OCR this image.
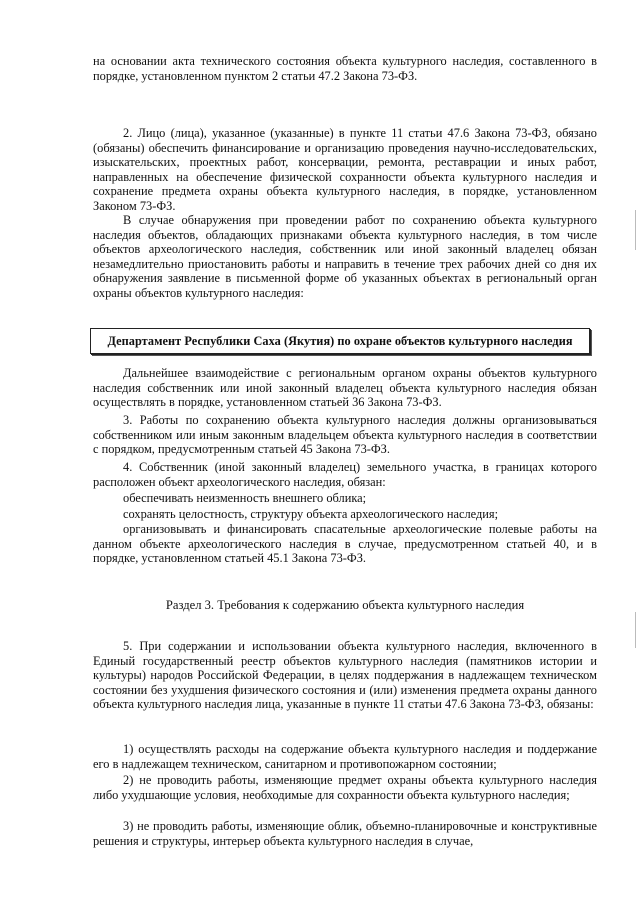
на основании акта технического состояния объекта культурного наследия, составленного в порядке, установленном пунктом 2 статьи 47.2 Закона 73-ФЗ.

2. Лицо (лица), указанное (указанные) в пункте 11 статьи 47.6 Закона 73-ФЗ, обязано (обязаны) обеспечить финансирование и организацию проведения научно-исследовательских, изыскательских, проектных работ, консервации, ремонта, реставрации и иных работ, направленных на обеспечение физической сохранности объекта культурного наследия и сохранение предмета охраны объекта культурного наследия, в порядке, установленном Законом 73-ФЗ.

В случае обнаружения при проведении работ по сохранению объекта культурного наследия объектов, обладающих признаками объекта культурного наследия, в том числе объектов археологического наследия, собственник или иной законный владелец обязан незамедлительно приостановить работы и направить в течение трех рабочих дней со дня их обнаружения заявление в письменной форме об указанных объектах в региональный орган охраны объектов культурного наследия:

Департамент Республики Саха (Якутия) по охране объектов культурного наследия

Дальнейшее взаимодействие с региональным органом охраны объектов культурного наследия собственник или иной законный владелец объекта культурного наследия обязан осуществлять в порядке, установленном статьей 36 Закона 73-ФЗ.

3. Работы по сохранению объекта культурного наследия должны организовываться собственником или иным законным владельцем объекта культурного наследия в соответствии с порядком, предусмотренным статьей 45 Закона 73-ФЗ.

4. Собственник (иной законный владелец) земельного участка, в границах которого расположен объект археологического наследия, обязан:

обеспечивать неизменность внешнего облика;

сохранять целостность, структуру объекта археологического наследия;

организовывать и финансировать спасательные археологические полевые работы на данном объекте археологического наследия в случае, предусмотренном статьей 40, и в порядке, установленном статьей 45.1 Закона 73-ФЗ.

Раздел 3. Требования к содержанию объекта культурного наследия

5. При содержании и использовании объекта культурного наследия, включенного в Единый государственный реестр объектов культурного наследия (памятников истории и культуры) народов Российской Федерации, в целях поддержания в надлежащем техническом состоянии без ухудшения физического состояния и (или) изменения предмета охраны данного объекта культурного наследия лица, указанные в пункте 11 статьи 47.6 Закона 73-ФЗ, обязаны:

1) осуществлять расходы на содержание объекта культурного наследия и поддержание его в надлежащем техническом, санитарном и противопожарном состоянии;

2) не проводить работы, изменяющие предмет охраны объекта культурного наследия либо ухудшающие условия, необходимые для сохранности объекта культурного наследия;

3) не проводить работы, изменяющие облик, объемно-планировочные и конструктивные решения и структуры, интерьер объекта культурного наследия в случае,
